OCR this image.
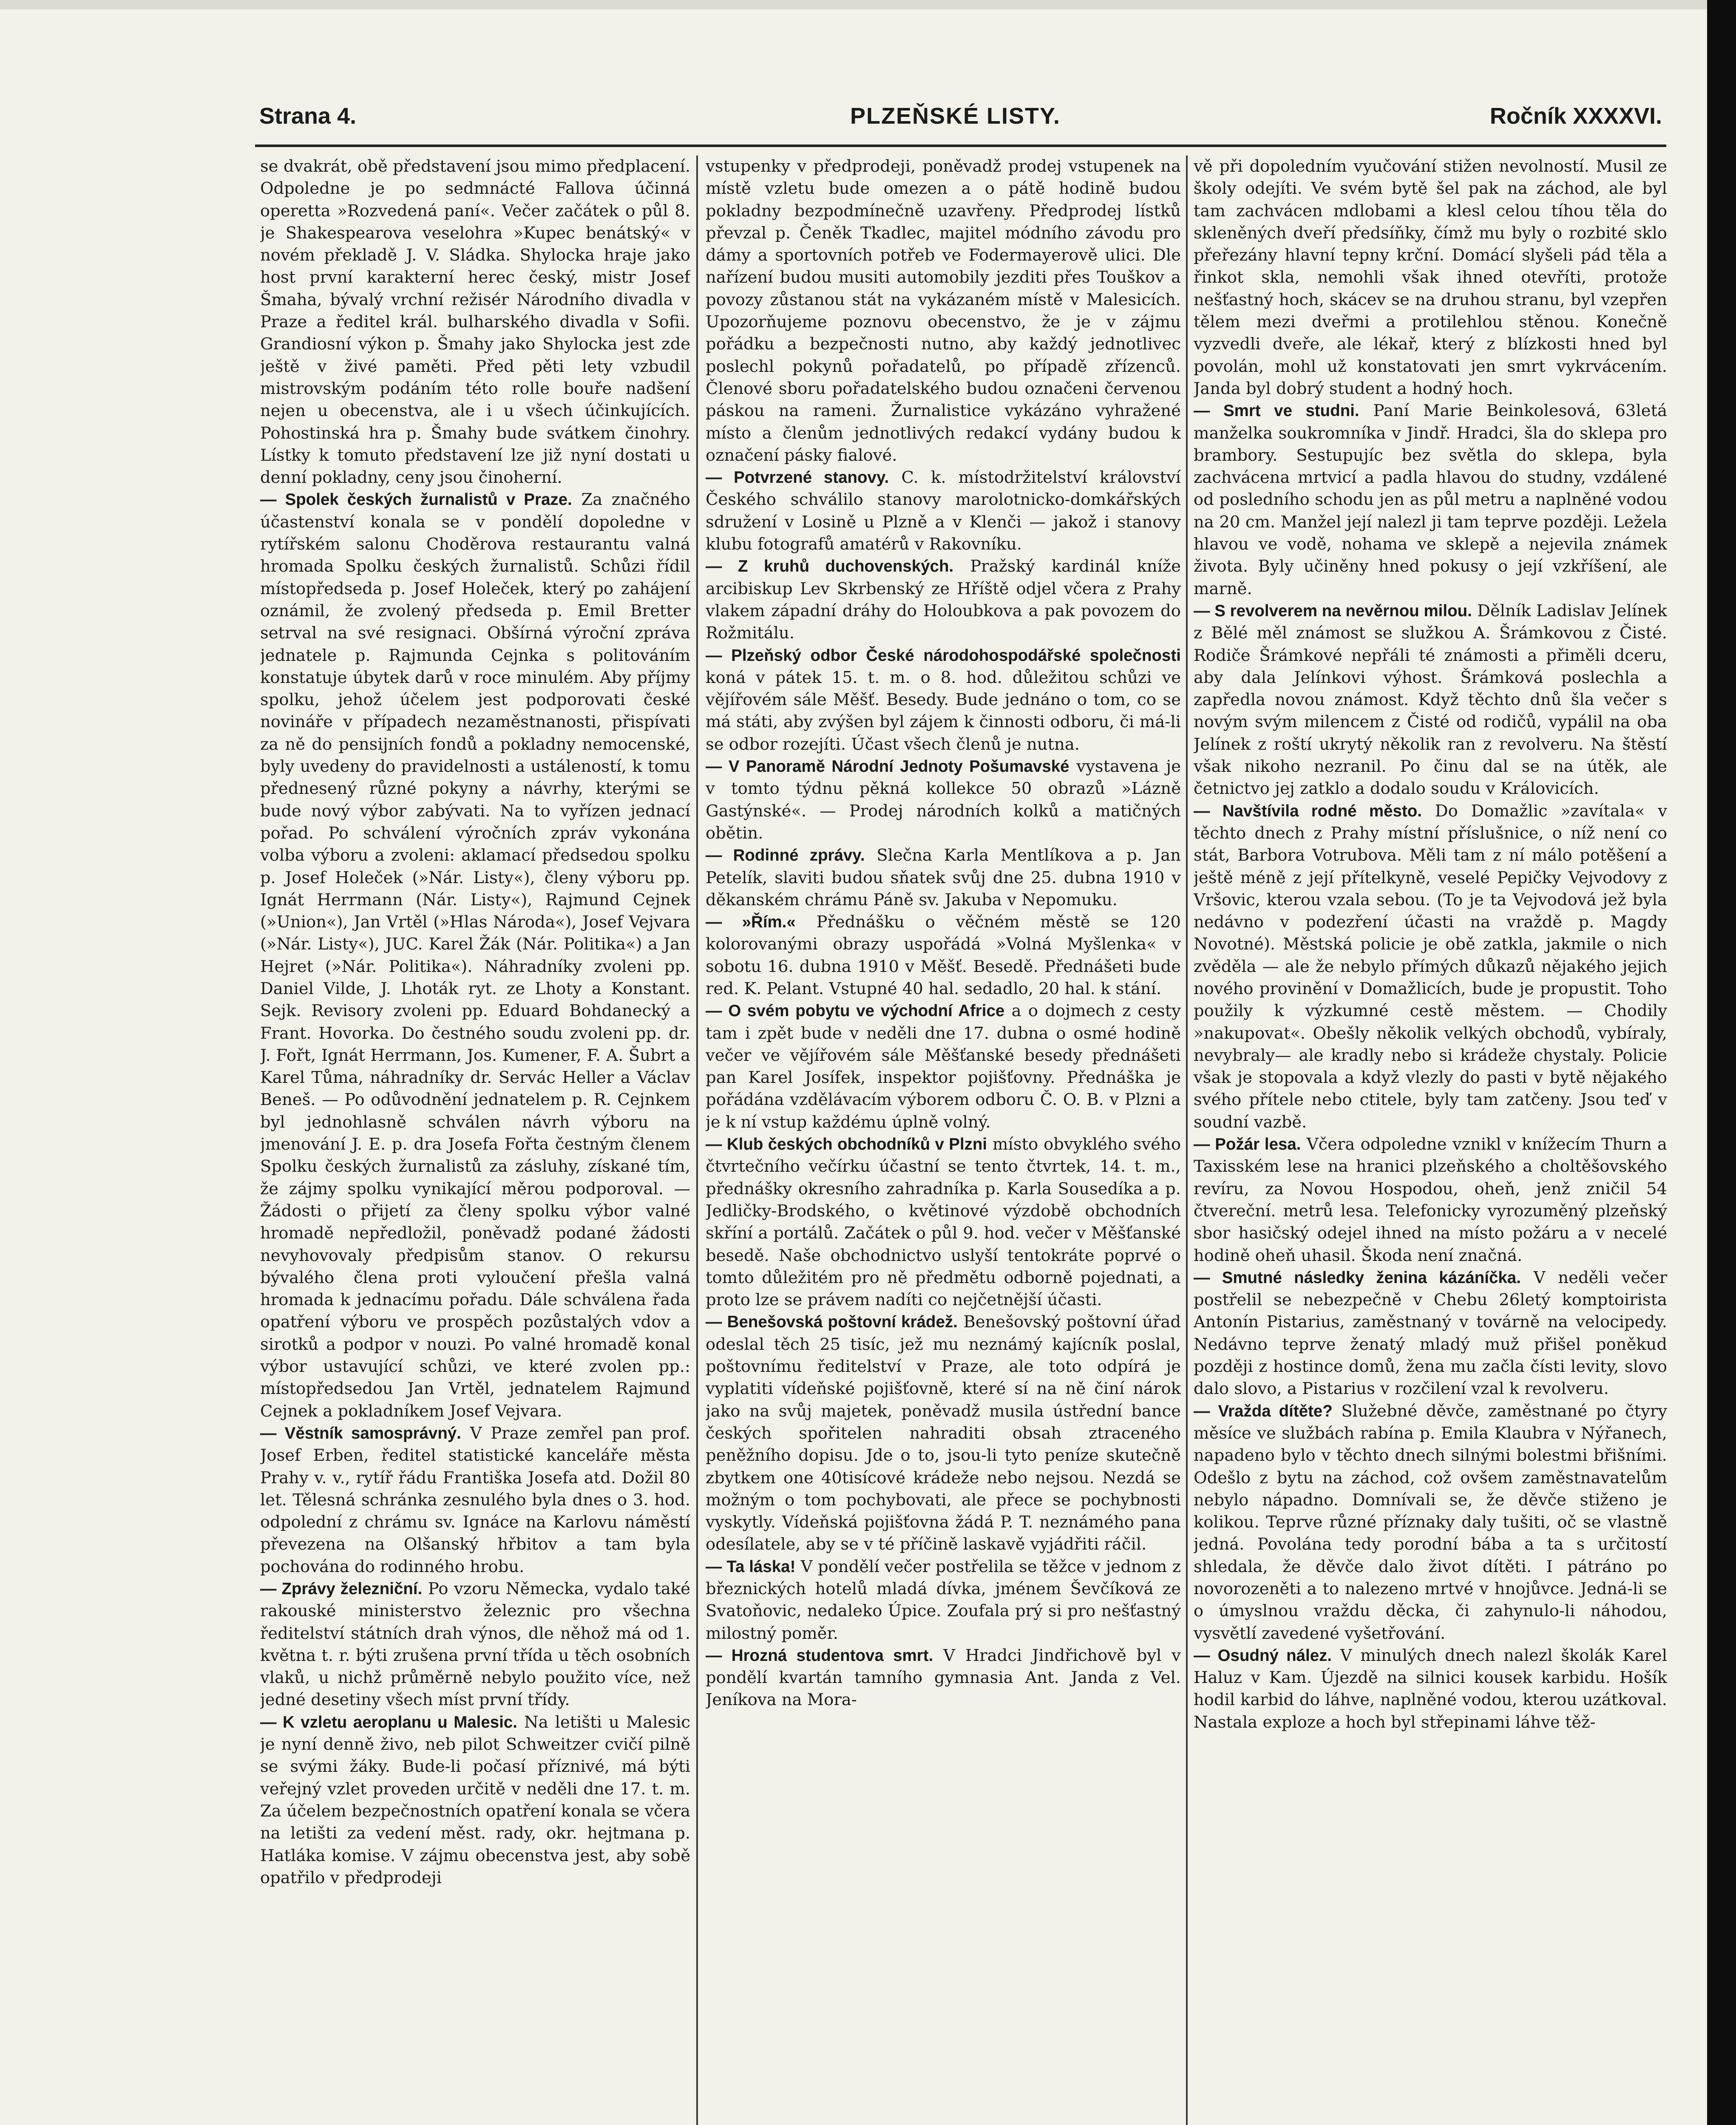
Strana 4.	PLZEŇSKÉ LISTY.	Ročník XXXXVI.

se dvakrát, obě představení jsou mimo předplacení. Odpoledne je po sedmnácté Fallova účinná operetta »Rozvedená paní«. Večer začátek o půl 8. je Shakespearova veselohra »Kupec benátský« v novém překladě J. V. Sládka. Shylocka hraje jako host první karakterní herec český, mistr Josef Šmaha, bývalý vrchní režisér Národního divadla v Praze a ředitel král. bulharského divadla v Sofii. Grandiosní výkon p. Šmahy jako Shylocka jest zde ještě v živé paměti. Před pěti lety vzbudil mistrovským podáním této rolle bouře nadšení nejen u obecenstva, ale i u všech účinkujících. Pohostinská hra p. Šmahy bude svátkem činohry. Lístky k tomuto představení lze již nyní dostati u denní pokladny, ceny jsou činoherní.

— Spolek českých žurnalistů v Praze. Za značného účastenství konala se v pondělí dopoledne v rytířském salonu Choděrova restaurantu valná hromada Spolku českých žurnalistů. Schůzi řídil místopředseda p. Josef Holeček, který po zahájení oznámil, že zvolený předseda p. Emil Bretter setrval na své resignaci. Obšírná výroční zpráva jednatele p. Rajmunda Cejnka s politováním konstatuje úbytek darů v roce minulém. Aby příjmy spolku, jehož účelem jest podporovati české novináře v případech nezaměstnanosti, přispívati za ně do pensijních fondů a pokladny nemocenské, byly uvedeny do pravidelnosti a ustáleností, k tomu přednesený různé pokyny a návrhy, kterými se bude nový výbor zabývati. Na to vyřízen jednací pořad. Po schválení výročních zpráv vykonána volba výboru a zvoleni: aklamací předsedou spolku p. Josef Holeček (»Nár. Listy«), členy výboru pp. Ignát Herrmann (Nár. Listy«), Rajmund Cejnek (»Union«), Jan Vrtěl (»Hlas Národa«), Josef Vejvara (»Nár. Listy«), JUC. Karel Žák (Nár. Politika«) a Jan Hejret (»Nár. Politika«). Náhradníky zvoleni pp. Daniel Vilde, J. Lhoták ryt. ze Lhoty a Konstant. Sejk. Revisory zvoleni pp. Eduard Bohdanecký a Frant. Hovorka. Do čestného soudu zvoleni pp. dr. J. Fořt, Ignát Herrmann, Jos. Kumener, F. A. Šubrt a Karel Tůma, náhradníky dr. Servác Heller a Václav Beneš. — Po odůvodnění jednatelem p. R. Cejnkem byl jednohlasně schválen návrh výboru na jmenování J. E. p. dra Josefa Fořta čestným členem Spolku českých žurnalistů za zásluhy, získané tím, že zájmy spolku vynikající měrou podporoval. — Žádosti o přijetí za členy spolku výbor valné hromadě nepředložil, poněvadž podané žádosti nevyhovovaly předpisům stanov. O rekursu bývalého člena proti vyloučení přešla valná hromada k jednacímu pořadu. Dále schválena řada opatření výboru ve prospěch pozůstalých vdov a sirotků a podpor v nouzi. Po valné hromadě konal výbor ustavující schůzi, ve které zvolen pp.: místopředsedou Jan Vrtěl, jednatelem Rajmund Cejnek a pokladníkem Josef Vejvara.

— Věstník samosprávný. V Praze zemřel pan prof. Josef Erben, ředitel statistické kanceláře města Prahy v. v., rytíř řádu Františka Josefa atd. Dožil 80 let. Tělesná schránka zesnulého byla dnes o 3. hod. odpolední z chrámu sv. Ignáce na Karlovu náměstí převezena na Olšanský hřbitov a tam byla pochována do rodinného hrobu.

— Zprávy železniční. Po vzoru Německa, vydalo také rakouské ministerstvo železnic pro všechna ředitelství státních drah výnos, dle něhož má od 1. května t. r. býti zrušena první třída u těch osobních vlaků, u nichž průměrně nebylo použito více, než jedné desetiny všech míst první třídy.

— K vzletu aeroplanu u Malesic. Na letišti u Malesic je nyní denně živo, neb pilot Schweitzer cvičí pilně se svými žáky. Bude-li počasí příznivé, má býti veřejný vzlet proveden určitě v neděli dne 17. t. m. Za účelem bezpečnostních opatření konala se včera na letišti za vedení měst. rady, okr. hejtmana p. Hatláka komise. V zájmu obecenstva jest, aby sobě opatřilo v předprodeji

vstupenky v předprodeji, poněvadž prodej vstupenek na místě vzletu bude omezen a o pátě hodině budou pokladny bezpodmínečně uzavřeny. Předprodej lístků převzal p. Čeněk Tkadlec, majitel módního závodu pro dámy a sportovních potřeb ve Fodermayerově ulici. Dle nařízení budou musiti automobily jezditi přes Touškov a povozy zůstanou stát na vykázaném místě v Malesicích. Upozorňujeme poznovu obecenstvo, že je v zájmu pořádku a bezpečnosti nutno, aby každý jednotlivec poslechl pokynů pořadatelů, po případě zřízenců. Členové sboru pořadatelského budou označeni červenou páskou na rameni. Žurnalistice vykázáno vyhražené místo a členům jednotlivých redakcí vydány budou k označení pásky fialové.

— Potvrzené stanovy. C. k. místodržitelství království Českého schválilo stanovy marolotnicko-domkářských sdružení v Losině u Plzně a v Klenči — jakož i stanovy klubu fotografů amatérů v Rakovníku.

— Z kruhů duchovenských. Pražský kardinál kníže arcibiskup Lev Skrbenský ze Hříště odjel včera z Prahy vlakem západní dráhy do Holoubkova a pak povozem do Rožmitálu.

— Plzeňský odbor České národohospodářské společnosti koná v pátek 15. t. m. o 8. hod. důležitou schůzi ve vějířovém sále Měšť. Besedy. Bude jednáno o tom, co se má státi, aby zvýšen byl zájem k činnosti odboru, či má-li se odbor rozejíti. Účast všech členů je nutna.

— V Panoramě Národní Jednoty Pošumavské vystavena je v tomto týdnu pěkná kollekce 50 obrazů »Lázně Gastýnské«. — Prodej národních kolků a matičných obětin.

— Rodinné zprávy. Slečna Karla Mentlíkova a p. Jan Petelík, slaviti budou sňatek svůj dne 25. dubna 1910 v děkanském chrámu Páně sv. Jakuba v Nepomuku.

— »Řím.« Přednášku o věčném městě se 120 kolorovanými obrazy uspořádá »Volná Myšlenka« v sobotu 16. dubna 1910 v Měšť. Besedě. Přednášeti bude red. K. Pelant. Vstupné 40 hal. sedadlo, 20 hal. k stání.

— O svém pobytu ve východní Africe a o dojmech z cesty tam i zpět bude v neděli dne 17. dubna o osmé hodině večer ve vějířovém sále Měšťanské besedy přednášeti pan Karel Josífek, inspektor pojišťovny. Přednáška je pořádána vzdělávacím výborem odboru Č. O. B. v Plzni a je k ní vstup každému úplně volný.

— Klub českých obchodníků v Plzni místo obvyklého svého čtvrtečního večírku účastní se tento čtvrtek, 14. t. m., přednášky okresního zahradníka p. Karla Sousedíka a p. Jedličky-Brodského, o květinové výzdobě obchodních skříní a portálů. Začátek o půl 9. hod. večer v Měšťanské besedě. Naše obchodnictvo uslyší tentokráte poprvé o tomto důležitém pro ně předmětu odborně pojednati, a proto lze se právem nadíti co nejčetnější účasti.

— Benešovská poštovní krádež. Benešovský poštovní úřad odeslal těch 25 tisíc, jež mu neznámý kajícník poslal, poštovnímu ředitelství v Praze, ale toto odpírá je vyplatiti vídeňské pojišťovně, které sí na ně činí nárok jako na svůj majetek, poněvadž musila ústřední bance českých spořitelen nahraditi obsah ztraceného peněžního dopisu. Jde o to, jsou-li tyto peníze skutečně zbytkem one 40tisícové krádeže nebo nejsou. Nezdá se možným o tom pochybovati, ale přece se pochybnosti vyskytly. Vídeňská pojišťovna žádá P. T. neznámého pana odesílatele, aby se v té příčině laskavě vyjádřiti ráčil.

— Ta láska! V pondělí večer postřelila se těžce v jednom z březnických hotelů mladá dívka, jménem Ševčíková ze Svatoňovic, nedaleko Úpice. Zoufala prý si pro nešťastný milostný poměr.

— Hrozná studentova smrt. V Hradci Jindřichově byl v pondělí kvartán tamního gymnasia Ant. Janda z Vel. Jeníkova na Mora-

vě při dopoledním vyučování stižen nevolností. Musil ze školy odejíti. Ve svém bytě šel pak na záchod, ale byl tam zachvácen mdlobami a klesl celou tíhou těla do skleněných dveří předsíňky, čímž mu byly o rozbité sklo přeřezány hlavní tepny krční. Domácí slyšeli pád těla a řinkot skla, nemohli však ihned otevříti, protože nešťastný hoch, skácev se na druhou stranu, byl vzepřen tělem mezi dveřmi a protilehlou stěnou. Konečně vyzvedli dveře, ale lékař, který z blízkosti hned byl povolán, mohl už konstatovati jen smrt vykrvácením. Janda byl dobrý student a hodný hoch.

— Smrt ve studni. Paní Marie Beinkolesová, 63letá manželka soukromníka v Jindř. Hradci, šla do sklepa pro brambory. Sestupujíc bez světla do sklepa, byla zachvácena mrtvicí a padla hlavou do studny, vzdálené od posledního schodu jen as půl metru a naplněné vodou na 20 cm. Manžel její nalezl ji tam teprve později. Ležela hlavou ve vodě, nohama ve sklepě a nejevila známek života. Byly učiněny hned pokusy o její vzkříšení, ale marně.

— S revolverem na nevěrnou milou. Dělník Ladislav Jelínek z Bělé měl známost se služkou A. Šrámkovou z Čisté. Rodiče Šrámkové nepřáli té známosti a přiměli dceru, aby dala Jelínkovi výhost. Šrámková poslechla a zapředla novou známost. Když těchto dnů šla večer s novým svým milencem z Čisté od rodičů, vypálil na oba Jelínek z roští ukrytý několik ran z revolveru. Na štěstí však nikoho nezranil. Po činu dal se na útěk, ale četnictvo jej zatklo a dodalo soudu v Královicích.

— Navštívila rodné město. Do Domažlic »zavítala« v těchto dnech z Prahy místní příslušnice, o níž není co stát, Barbora Votrubova. Měli tam z ní málo potěšení a ještě méně z její přítelkyně, veselé Pepičky Vejvodovy z Vršovic, kterou vzala sebou. (To je ta Vejvodová jež byla nedávno v podezření účasti na vraždě p. Magdy Novotné). Městská policie je obě zatkla, jakmile o nich zvěděla — ale že nebylo přímých důkazů nějakého jejich nového provinění v Domažlicích, bude je propustit. Toho použily k výzkumné cestě městem. — Chodily »nakupovat«. Obešly několik velkých obchodů, vybíraly, nevybraly— ale kradly nebo si krádeže chystaly. Policie však je stopovala a když vlezly do pasti v bytě nějakého svého přítele nebo ctitele, byly tam zatčeny. Jsou teď v soudní vazbě.

— Požár lesa. Včera odpoledne vznikl v knížecím Thurn a Taxisském lese na hranici plzeňského a choltěšovského revíru, za Novou Hospodou, oheň, jenž zničil 54 čtvereční. metrů lesa. Telefonicky vyrozuměný plzeňský sbor hasičský odejel ihned na místo požáru a v necelé hodině oheň uhasil. Škoda není značná.

— Smutné následky ženina kázáníčka. V neděli večer postřelil se nebezpečně v Chebu 26letý komptoirista Antonín Pistarius, zaměstnaný v továrně na velocipedy. Nedávno teprve ženatý mladý muž přišel poněkud později z hostince domů, žena mu začla čísti levity, slovo dalo slovo, a Pistarius v rozčilení vzal k revolveru.

— Vražda dítěte? Služebné děvče, zaměstnané po čtyry měsíce ve službách rabína p. Emila Klaubra v Nýřanech, napadeno bylo v těchto dnech silnými bolestmi břišními. Odešlo z bytu na záchod, což ovšem zaměstnavatelům nebylo nápadno. Domnívali se, že děvče stiženo je kolikou. Teprve různé příznaky daly tušiti, oč se vlastně jedná. Povolána tedy porodní bába a ta s určitostí shledala, že děvče dalo život dítěti. I pátráno po novorozeněti a to nalezeno mrtvé v hnojůvce. Jedná-li se o úmyslnou vraždu děcka, či zahynulo-li náhodou, vysvětlí zavedené vyšetřování.

— Osudný nález. V minulých dnech nalezl školák Karel Haluz v Kam. Újezdě na silnici kousek karbidu. Hošík hodil karbid do láhve, naplněné vodou, kterou uzátkoval. Nastala exploze a hoch byl střepinami láhve těž-
